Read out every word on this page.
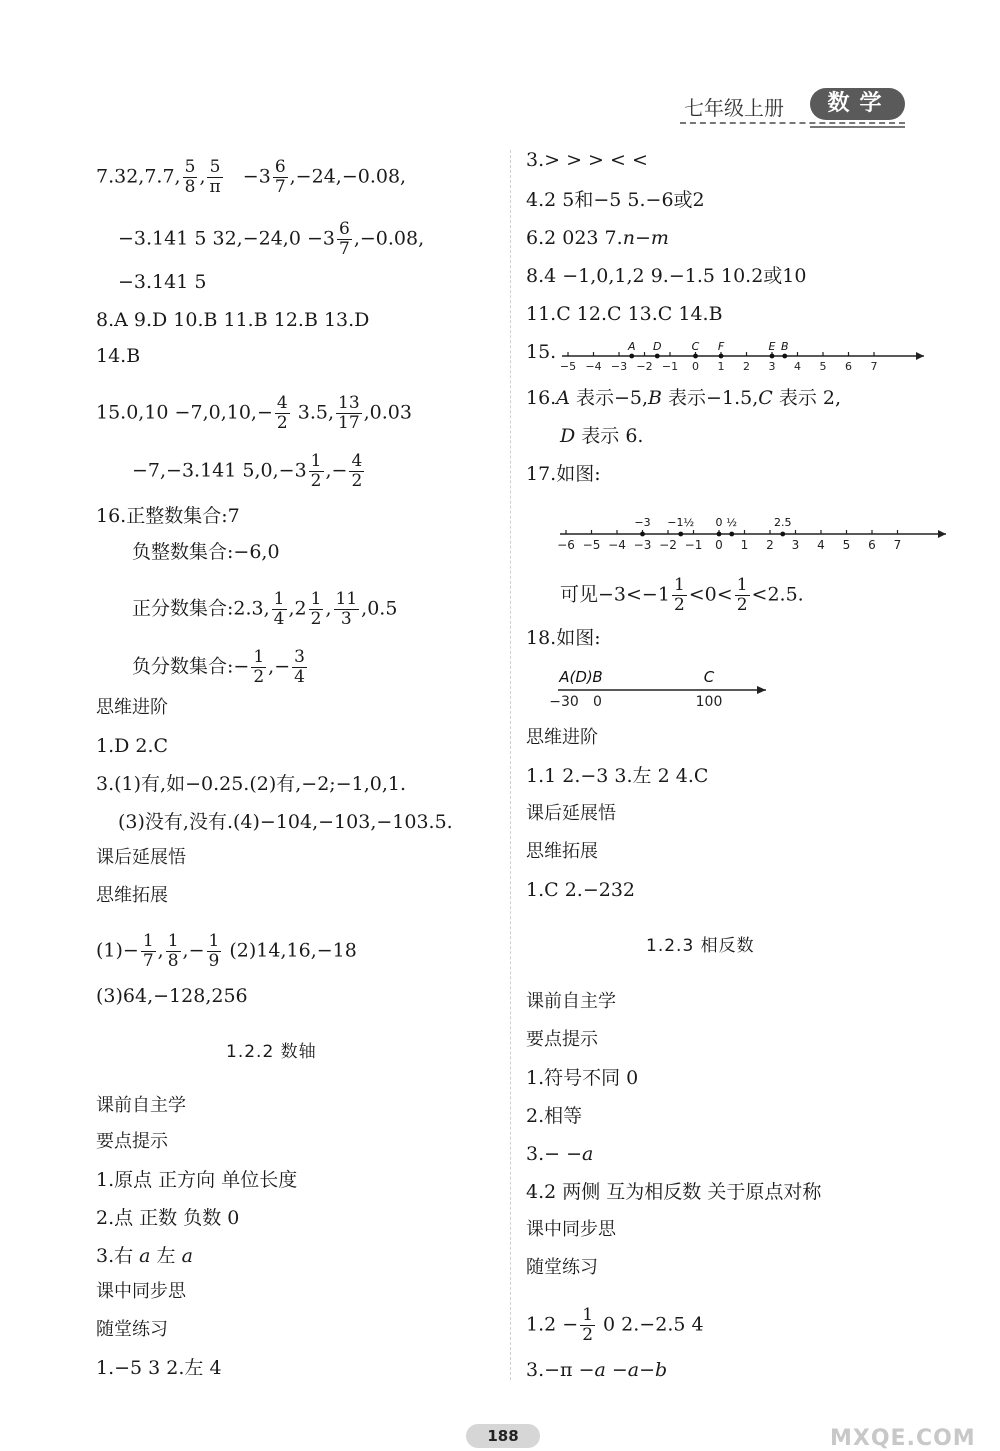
七年级上册	数学
7.32,7.7, $\frac{5}{8}$ , $\frac{5}{\pi} -3 \frac{6}{7} ,-24,-0.08$,
−3.141 5 $32,-24,0 -3 \frac{6}{7} ,-0.08$,
−3.141 5
8.A 9.D 10.B 11.B 12.B 13.D
14.B
$15.0,10 -7,0,10,- \frac{4}{2} 3.5$, $\frac{13}{17} ,0.03$
−7,−3.141 $5,0,-3 \frac{1}{2}$ ,− $\frac{4}{2}$
16.正整数集合:7
负整数集合:−6,0
正分数集合:2.3, $\frac{1}{4} ,2 \frac{1}{2}$ , $\frac{11}{3} ,0.5$
负分数集合:− $\frac{1}{2}$ ,− $\frac{3}{4}$
思维进阶
1.D 2.C
3.(1)有,如−0.25.(2)有,−2;−1,0,1.
(3)没有,没有.(4)−104,−103,−103.5.
课后延展悟
思维拓展
$(1)- \frac{1}{7}$ , $\frac{1}{8}$ ,− $\frac{1}{9} (2)14,16,-18$
(3)64,−128,256
1.2.2 数轴
课前自主学
要点提示
1.原点 正方向 单位长度
2.点 正数 负数 0
3.右 a 左 a
课中同步思
随堂练习
1.−5 3 2.左 4
3.> > > < <
4.2 5和−5 5.−6或2
6.2 023 7.n−m
8.4 −1,0,1,2 9.−1.5 10.2或10
11.C 12.C 13.C 14.B
15.
−5 −4 −3 −2 −1 0 1 2 3 4 5 6 7
A D	C F	E B
16.A 表示−5,B 表示−1.5,C 表示 2,
D 表示 6.
17.如图:
−6 −5 −4 −3 −2 −1 0 1 2 3 4 5 6 7
−3 −1½ 0 ½	2.5
可见$-3<-1 \frac{1}{2} <0< \frac{1}{2} <2.5$.
18.如图:
−30 0	100
A(D) B	C
思维进阶
1.1 2.−3 3.左 2 4.C
课后延展悟
思维拓展
1.C 2.−232
1.2.3 相反数
课前自主学
要点提示
1.符号不同 0
2.相等
3.− −a
4.2 两侧 互为相反数 关于原点对称
课中同步思
随堂练习
$1.2 - \frac{1}{2} 0$ 2.−2.5 4
3.−π −a −a−b
188	MXQE.COM
